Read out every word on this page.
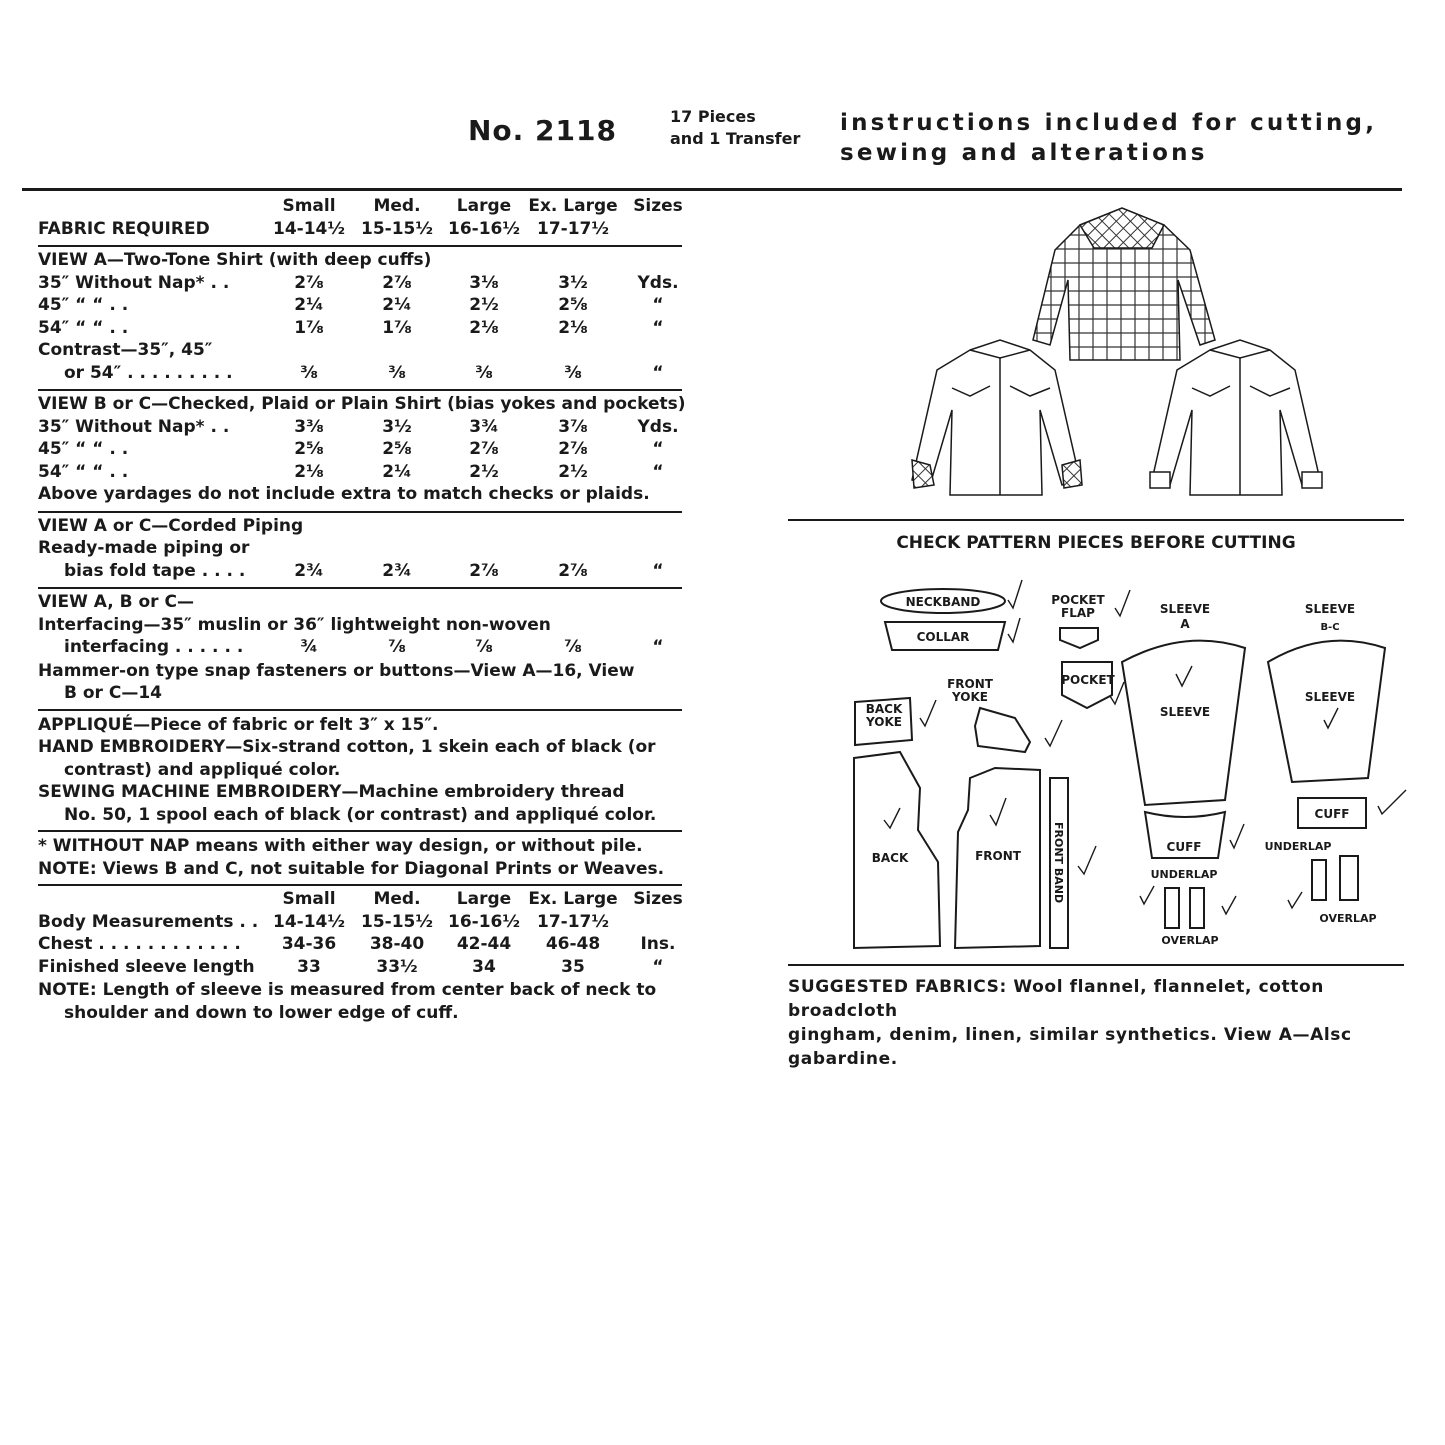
No. 2118	17 Pieces
and 1 Transfer
instructions included for cutting,
sewing and alterations
Small	Med.	Large	Ex. Large Sizes
FABRIC REQUIRED	14-14½ 15-15½ 16-16½	17-17½
VIEW A—Two-Tone Shirt (with deep cuffs)
35″ Without Nap* . .	2⅞	2⅞	3⅛	3½	Yds.
45″ “ “ . .	2¼	2¼	2½	2⅝	“
54″ “ “ . .	1⅞	1⅞	2⅛	2⅛	“
Contrast—35″, 45″
or 54″ . . . . . . . . .	⅜	⅜	⅜	⅜	“
VIEW B or C—Checked, Plaid or Plain Shirt (bias yokes and pockets)
35″ Without Nap* . .	3⅜	3½	3¾	3⅞	Yds.
45″ “ “ . .	2⅝	2⅝	2⅞	2⅞	“
54″ “ “ . .	2⅛	2¼	2½	2½	“
Above yardages do not include extra to match checks or plaids.
VIEW A or C—Corded Piping
Ready-made piping or
bias fold tape . . . .	2¾	2¾	2⅞	2⅞	“
VIEW A, B or C—
Interfacing—35″ muslin or 36″ lightweight non-woven
interfacing . . . . . .	¾	⅞	⅞	⅞	“
Hammer-on type snap fasteners or buttons—View A—16, View
B or C—14
APPLIQUÉ—Piece of fabric or felt 3″ x 15″.
HAND EMBROIDERY—Six-strand cotton, 1 skein each of black (or
contrast) and appliqué color.
SEWING MACHINE EMBROIDERY—Machine embroidery thread
No. 50, 1 spool each of black (or contrast) and appliqué color.
* WITHOUT NAP means with either way design, or without pile.
NOTE: Views B and C, not suitable for Diagonal Prints or Weaves.
Small	Med.	Large	Ex. Large Sizes
Body Measurements . . 14-14½ 15-15½ 16-16½	17-17½
Chest . . . . . . . . . . . .	34-36	38-40	42-44	46-48	Ins.
Finished sleeve length	33	33½	34	35	“
NOTE: Length of sleeve is measured from center back of neck to
shoulder and down to lower edge of cuff.
CHECK PATTERN PIECES BEFORE CUTTING
NECKBAND
COLLAR
POCKET
FLAP
POCKET
SLEEVE
A
SLEEVE
SLEEVE
B-C
SLEEVE
FRONT
YOKE
BACK
YOKE
BACK	FRONT	FRONT BAND	CUFF
CUFF
UNDERLAP
OVERLAP
UNDERLAP
OVERLAP
SUGGESTED FABRICS: Wool flannel, flannelet, cotton broadcloth
gingham, denim, linen, similar synthetics. View A—Alsc
gabardine.
